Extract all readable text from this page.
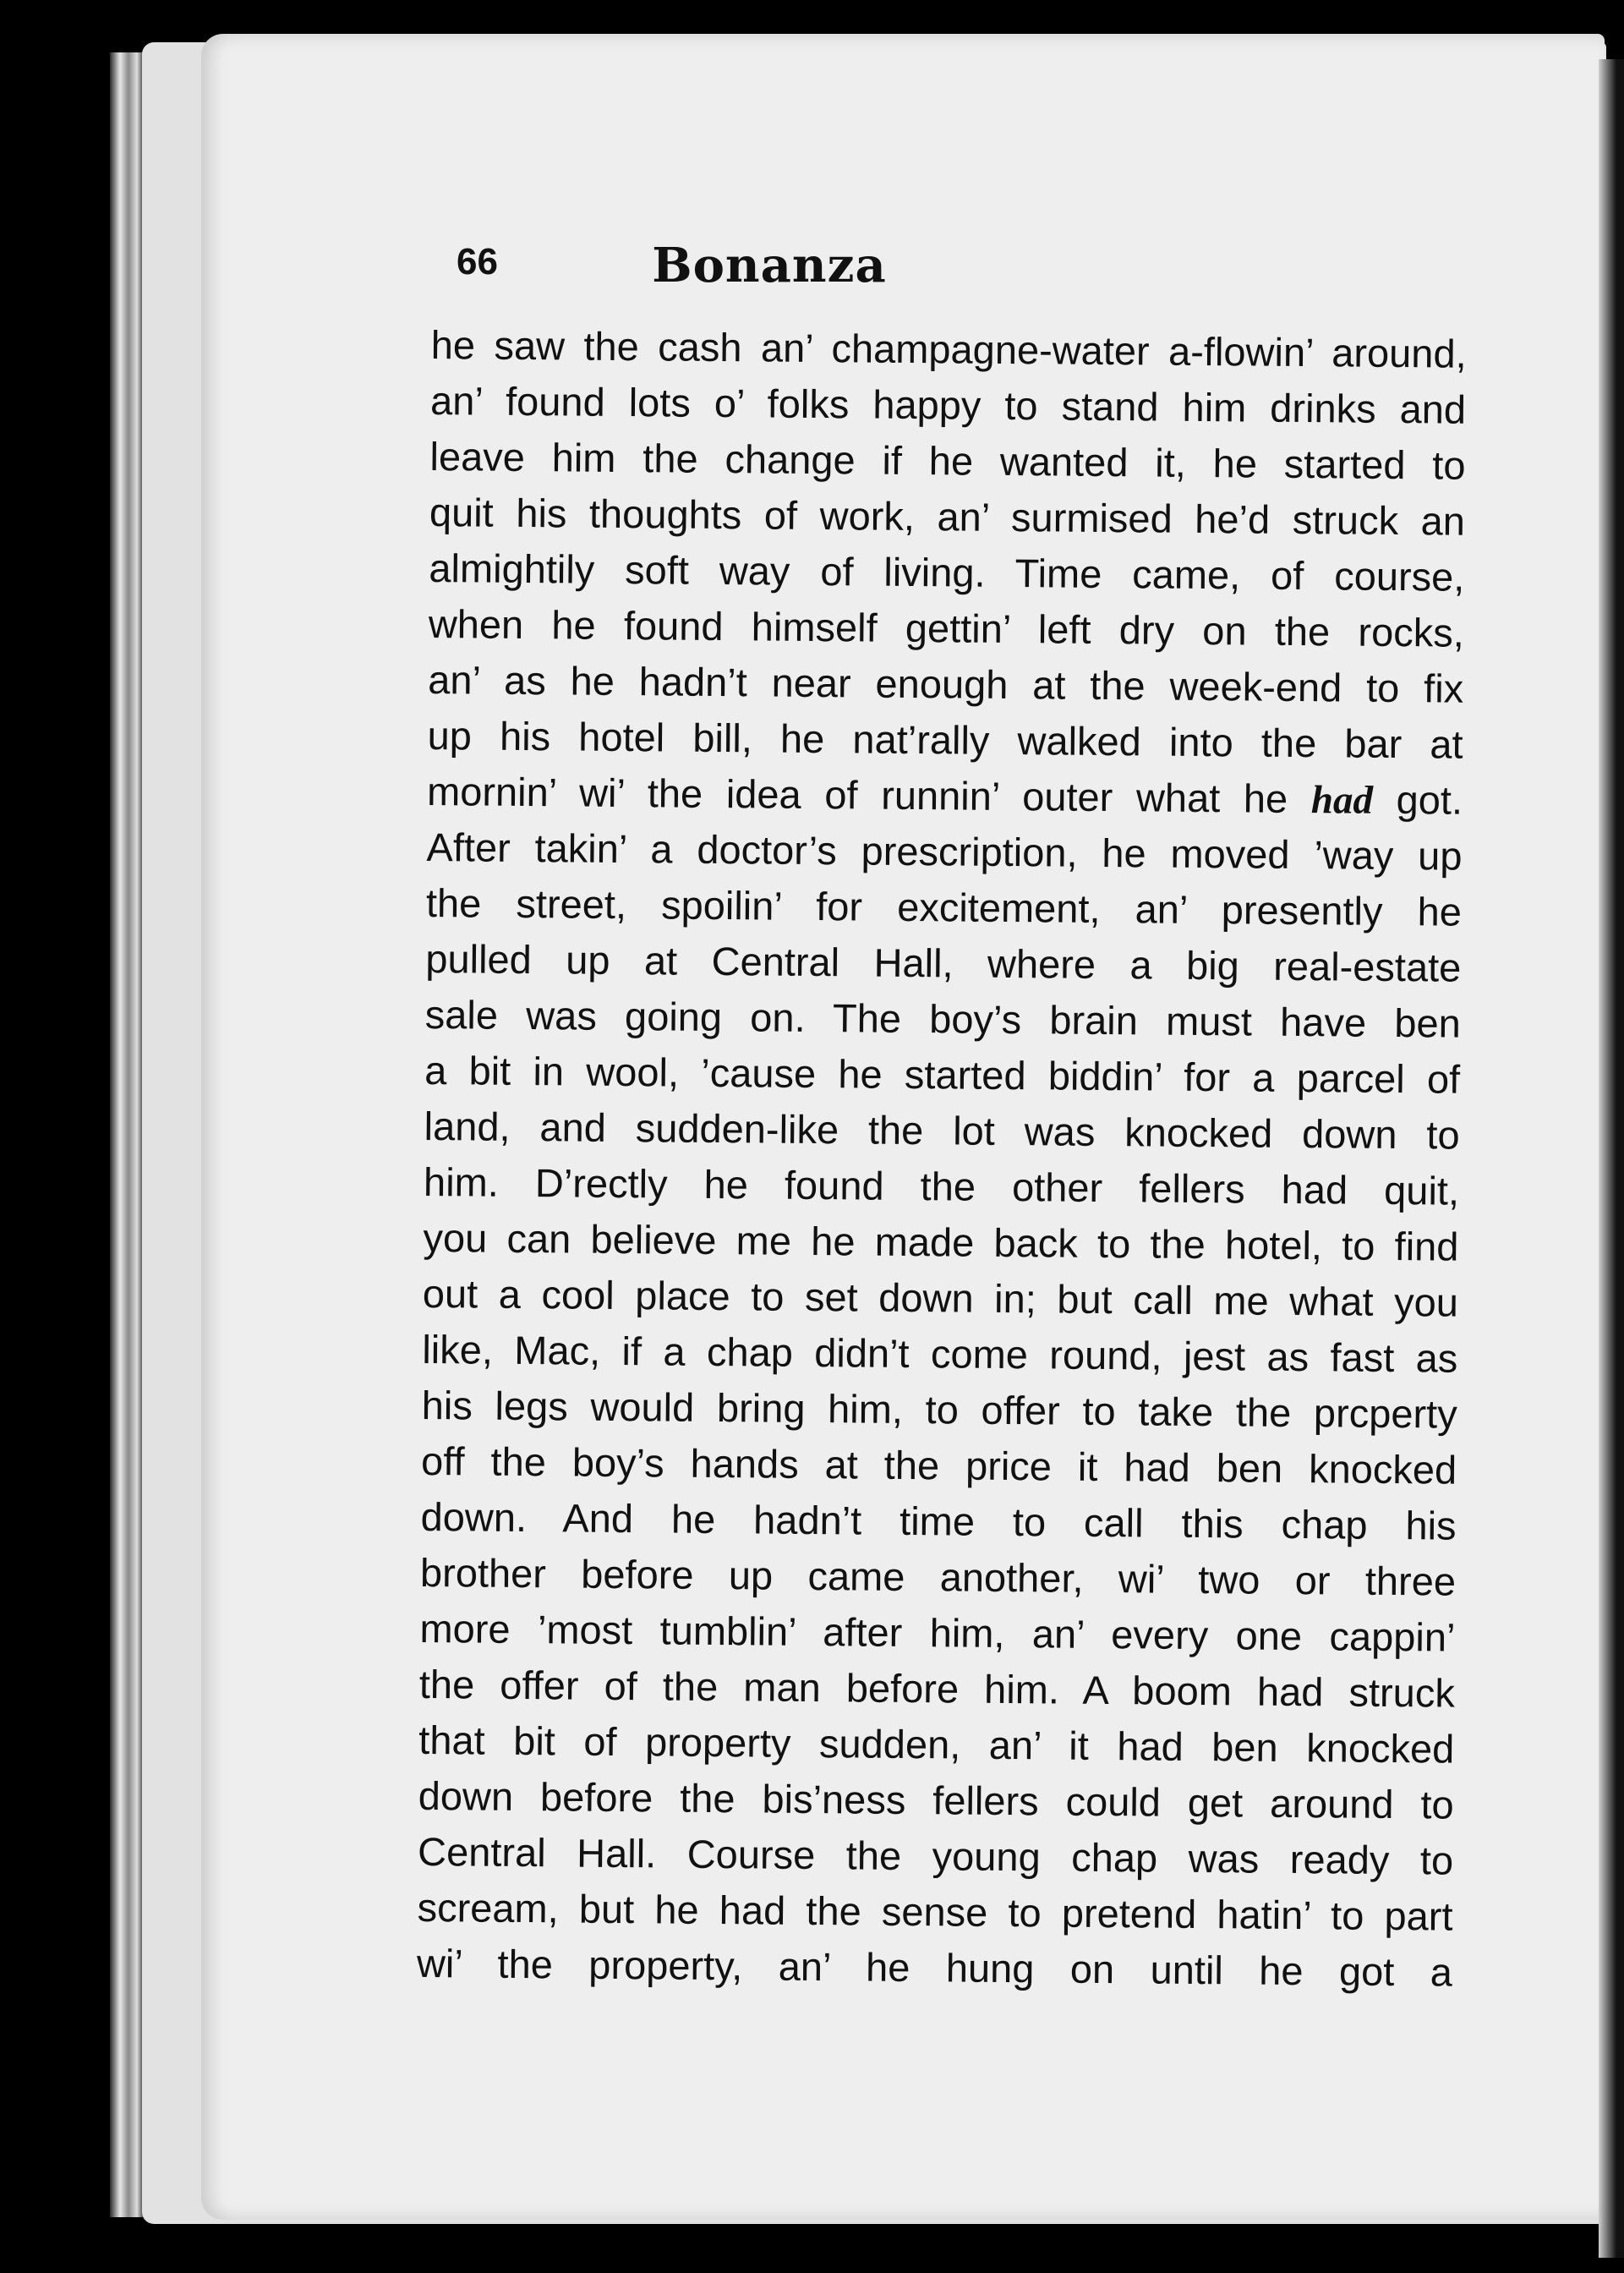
66	Bonanza
he saw the cash an’ champagne-water a-flowin’ around,
an’ found lots o’ folks happy to stand him drinks and
leave him the change if he wanted it, he started to
quit his thoughts of work, an’ surmised he’d struck an
almightily soft way of living. Time came, of course,
when he found himself gettin’ left dry on the rocks,
an’ as he hadn’t near enough at the week-end to fix
up his hotel bill, he nat’rally walked into the bar at
mornin’ wi’ the idea of runnin’ outer what he had got.
After takin’ a doctor’s prescription, he moved ’way up
the street, spoilin’ for excitement, an’ presently he
pulled up at Central Hall, where a big real-estate
sale was going on. The boy’s brain must have ben
a bit in wool, ’cause he started biddin’ for a parcel of
land, and sudden-like the lot was knocked down to
him. D’rectly he found the other fellers had quit,
you can believe me he made back to the hotel, to find
out a cool place to set down in; but call me what you
like, Mac, if a chap didn’t come round, jest as fast as
his legs would bring him, to offer to take the prcperty
off the boy’s hands at the price it had ben knocked
down. And he hadn’t time to call this chap his
brother before up came another, wi’ two or three
more ’most tumblin’ after him, an’ every one cappin’
the offer of the man before him. A boom had struck
that bit of property sudden, an’ it had ben knocked
down before the bis’ness fellers could get around to
Central Hall. Course the young chap was ready to
scream, but he had the sense to pretend hatin’ to part
wi’ the property, an’ he hung on until he got a
